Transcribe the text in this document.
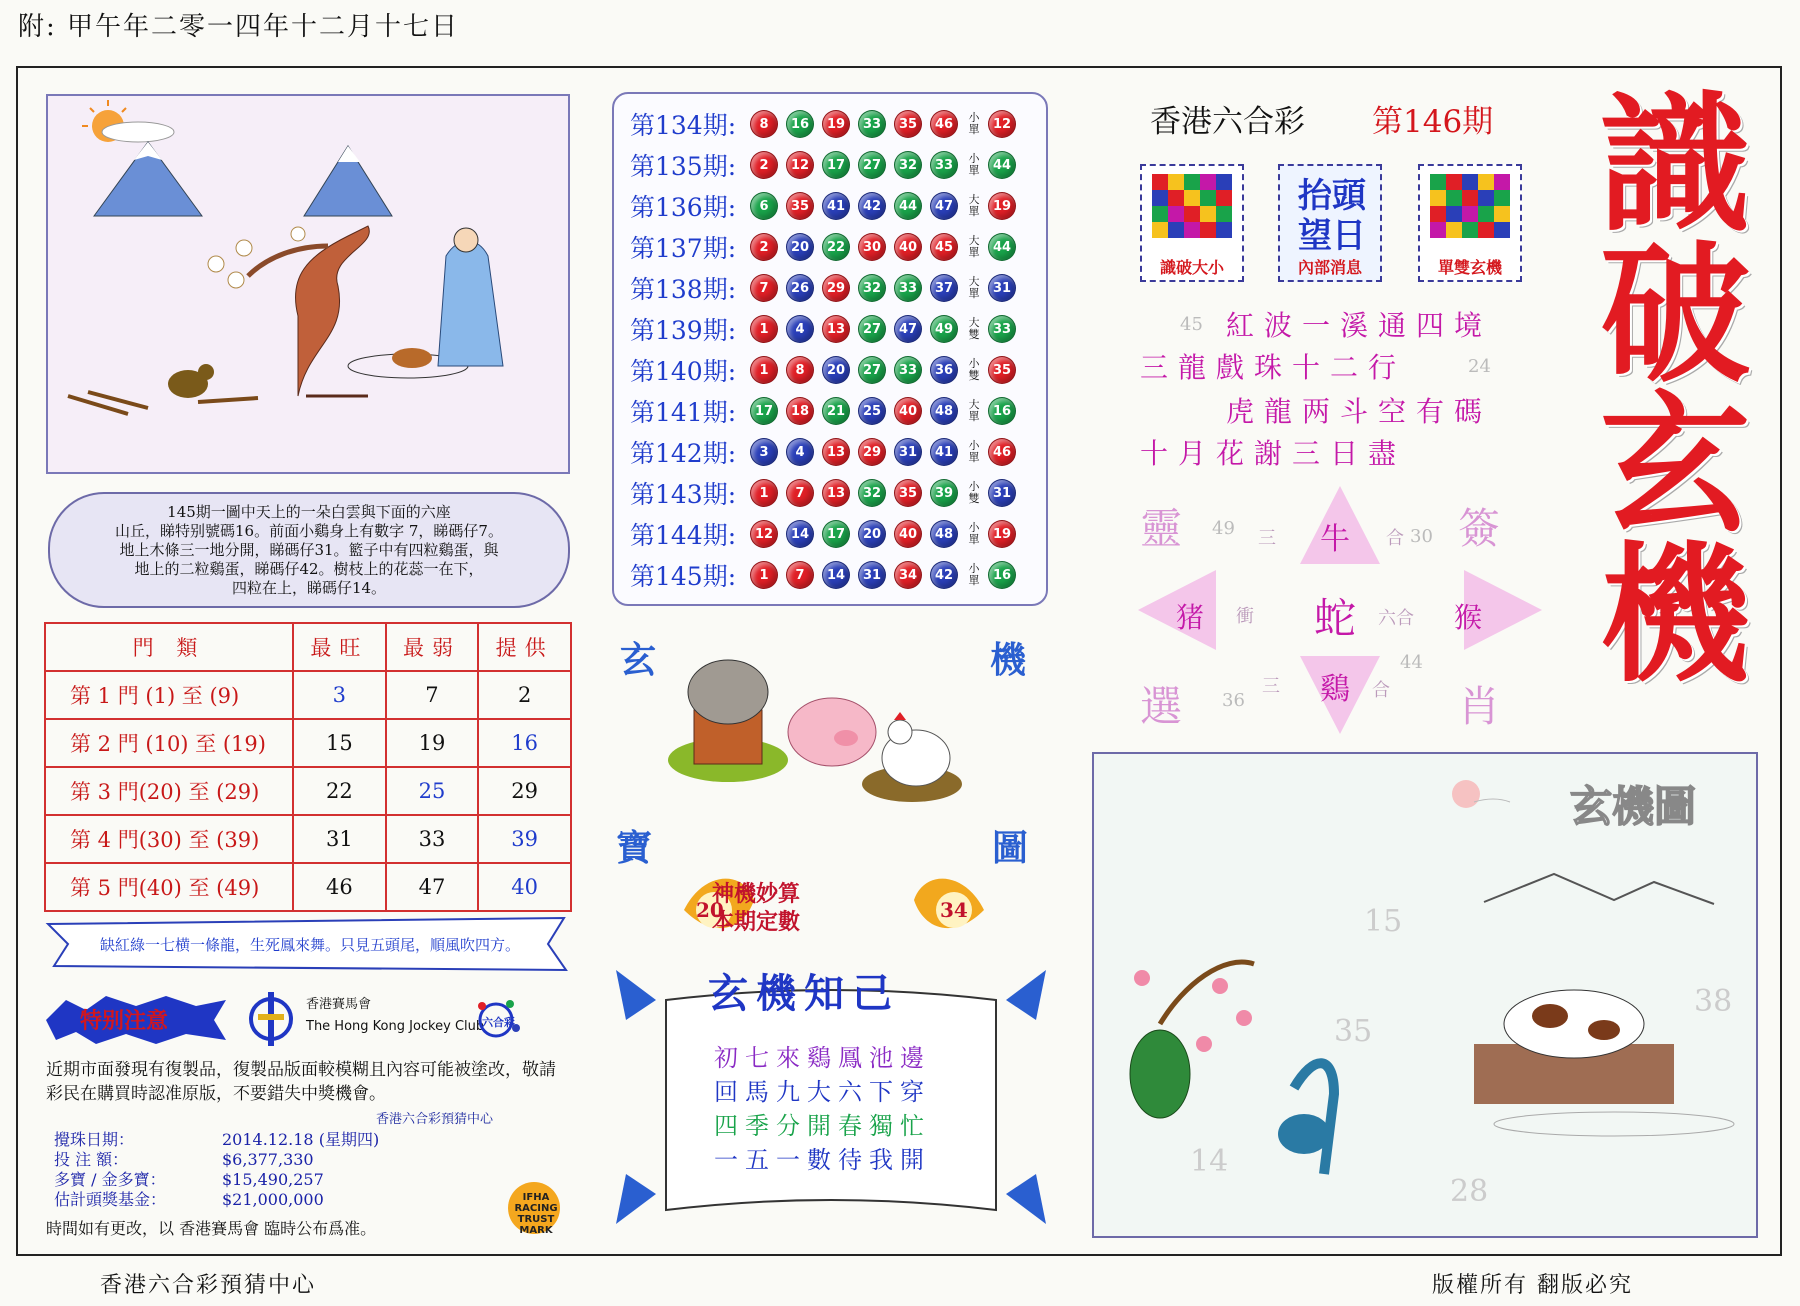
附: 甲午年二零一四年十二月十七日
145期一圖中天上的一朵白雲與下面的六座
山丘，睇特别號碼16。前面小鷄身上有數字 7，睇碼仔7。
地上木條三一地分開，睇碼仔31。籃子中有四粒鷄蛋，與
地上的二粒鷄蛋，睇碼仔42。樹枝上的花蕊一在下，
四粒在上，睇碼仔14。
門 類	最旺	最弱	提供
第 1 門 (1) 至 (9)	3	7	2
第 2 門 (10) 至 (19)	15	19	16
第 3 門(20) 至 (29)	22	25	29
第 4 門(30) 至 (39)	31	33	39
第 5 門(40) 至 (49)	46	47	40
缺紅綠一七横一條龍，生死鳳來舞。只見五頭尾，順風吹四方。
特别注意
香港賽馬會
The Hong Kong Jockey Club
六合彩
近期市面發現有復製品，復製品版面較模糊且內容可能被塗改，敬請彩民在購買時認准原版，不要錯失中獎機會。
香港六合彩預猜中心
攪珠日期：	2014.12.18 (星期四)
投 注 額：	$6,377,330
多寶 / 金多寶：	$15,490,257
估計頭獎基金：	$21,000,000
時間如有更改，以 香港賽馬會 臨時公布爲准。
IFHA RACING TRUST MARK
第134期:	8	16	19	33	35	46	小單	12
第135期:	2	12	17	27	32	33	小單	44
第136期:	6	35	41	42	44	47	大單	19
第137期:	2	20	22	30	40	45	大單	44
第138期:	7	26	29	32	33	37	大單	31
第139期:	1	4	13	27	47	49	大雙	33
第140期:	1	8	20	27	33	36	小雙	35
第141期:	17	18	21	25	40	48	大單	16
第142期:	3	4	13	29	31	41	小單	46
第143期:	1	7	13	32	35	39	小雙	31
第144期:	12	14	17	20	40	48	小單	19
第145期:	1	7	14	31	34	42	小單	16
玄	機
寶	圖
20	34
神機妙算
本期定數
玄機知己
初七來鷄鳳池邊
回馬九大六下穿
四季分開春獨忙
一五一數待我開
香港六合彩 第146期
識破大小
抬頭望日
內部消息	單雙玄機
紅波一溪通四境
45
三龍戲珠十二行	24
虎龍两斗空有碼
十月花謝三日盡
識破玄機
靈	簽
選	肖
蛇
牛
鷄
猪	猴
三	合
衝	六合
三	合
49	30
36
44
玄機圖
15
35
38
14
28
香港六合彩預猜中心	版權所有 翻版必究
